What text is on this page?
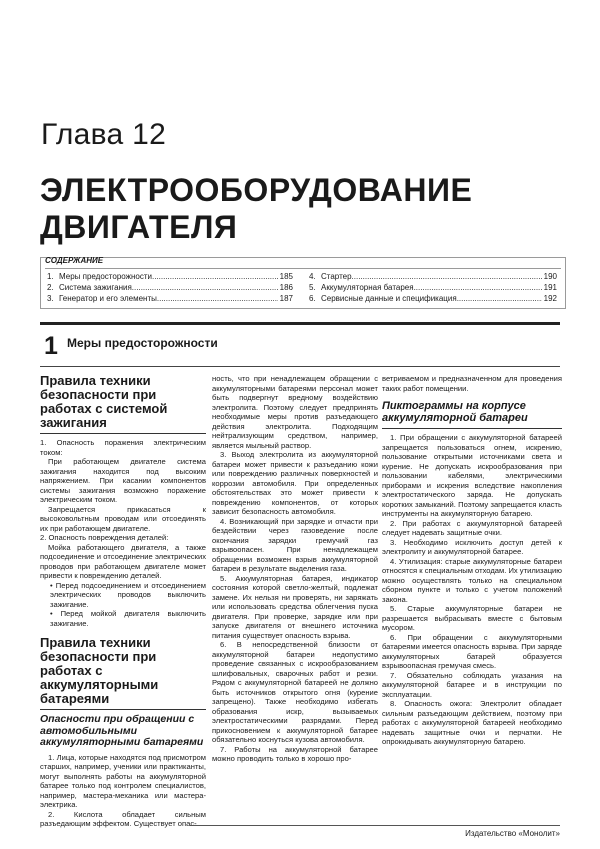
Глава 12
ЭЛЕКТРООБОРУДОВАНИЕ
ДВИГАТЕЛЯ
СОДЕРЖАНИЕ
1. Меры предосторожности .....	185
2. Система зажигания .....	186
3. Генератор и его элементы .....	187
4. Стартер .....	190
5. Аккумуляторная батарея .....	191
6. Сервисные данные и спецификация .....	192
1 Меры предосторожности
Правила техники безопасности при работах с системой зажигания

1. Опасность поражения электрическим током:

При работающем двигателе система зажигания находится под высоким напряжением. При касании компонентов системы зажигания возможно поражение электрическим током.

Запрещается прикасаться к высоковольтным проводам или отсоединять их при работающем двигателе.

2. Опасность повреждения деталей:

Мойка работающего двигателя, а также подсоединение и отсоединение электрических проводов при работающем двигателе может привести к повреждению деталей.

• Перед подсоединением и отсоединением электрических проводов выключить зажигание.

• Перед мойкой двигателя выключить зажигание.

Правила техники безопасности при работах с аккумуляторными батареями
Опасности при обращении с автомобильными аккумуляторными батареями

1. Лица, которые находятся под присмотром старших, например, ученики или практиканты, могут выполнять работы на аккумуляторной батарее только под контролем специалистов, например, мастера-механика или мастера-электрика.

2. Кислота обладает сильным разъедающим эффектом. Существует опас-

ность, что при ненадлежащем обращении с аккумуляторными батареями персонал может быть подвергнут вредному воздействию электролита. Поэтому следует предпринять необходимые меры против разъедающего действия электролита. Подходящим нейтрализующим средством, например, является мыльный раствор.

3. Выход электролита из аккумуляторной батареи может привести к разъеданию кожи или повреждению различных поверхностей и коррозии автомобиля. При определенных обстоятельствах это может привести к повреждению компонентов, от которых зависит безопасность автомобиля.

4. Возникающий при зарядке и отчасти при бездействии через газоведение после окончания зарядки гремучий газ взрывоопасен. При ненадлежащем обращении возможен взрыв аккумуляторной батареи в результате выделения газа.

5. Аккумуляторная батарея, индикатор состояния которой светло-желтый, подлежат замене. Их нельзя ни проверять, ни заряжать или использовать средства облегчения пуска двигателя. При проверке, зарядке или при запуске двигателя от внешнего источника питания существует опасность взрыва.

6. В непосредственной близости от аккумуляторной батареи недопустимо проведение связанных с искрообразованием шлифовальных, сварочных работ и резки. Рядом с аккумуляторной батареей не должно быть источников открытого огня (курение запрещено). Также необходимо избегать образования искр, вызываемых электростатическими разрядами. Перед прикосновением к аккумуляторной батарее обязательно коснуться кузова автомобиля.

7. Работы на аккумуляторной батарее можно проводить только в хорошо про-

ветриваемом и предназначенном для проведения таких работ помещении.

Пиктограммы на корпусе аккумуляторной батареи

1. При обращении с аккумуляторной батареей запрещается пользоваться огнем, искрению, пользование открытыми источниками света и курение. Не допускать искрообразования при пользовании кабелями, электрическими приборами и искрения вследствие накопления электростатического заряда. Не допускать коротких замыканий. Поэтому запрещается класть инструменты на аккумуляторную батарею.

2. При работах с аккумуляторной батареей следует надевать защитные очки.

3. Необходимо исключить доступ детей к электролиту и аккумуляторной батарее.

4. Утилизация: старые аккумуляторные батареи относятся к специальным отходам. Их утилизацию можно осуществлять только на специальном сборном пункте и только с учетом положений закона.

5. Старые аккумуляторные батареи не разрешается выбрасывать вместе с бытовым мусором.

6. При обращении с аккумуляторными батареями имеется опасность взрыва. При заряде аккумуляторных батарей образуется взрывоопасная гремучая смесь.

7. Обязательно соблюдать указания на аккумуляторной батарее и в инструкции по эксплуатации.

8. Опасность ожога: Электролит обладает сильным разъедающим действием, поэтому при работах с аккумуляторной батареей необходимо надевать защитные очки и перчатки. Не опрокидывать аккумуляторную батарею.

Издательство «Монолит»
